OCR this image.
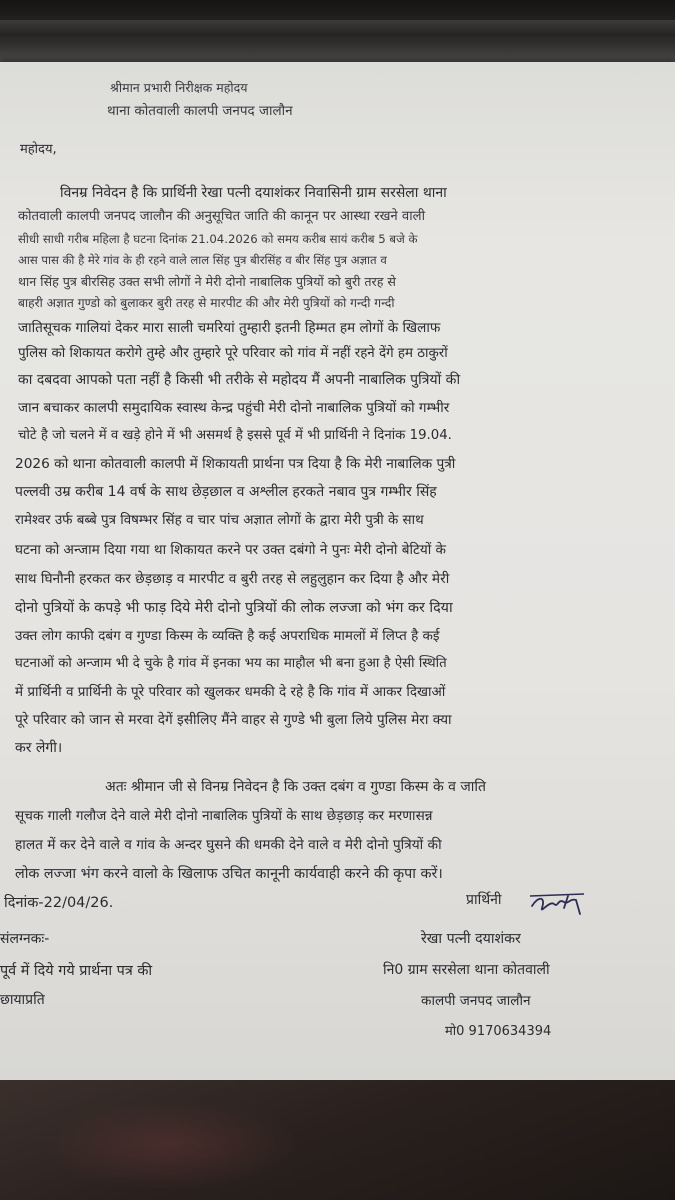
श्रीमान प्रभारी निरीक्षक महोदय
थाना कोतवाली कालपी जनपद जालौन
महोदय,
विनम्र निवेदन है कि प्रार्थिनी रेखा पत्नी दयाशंकर निवासिनी ग्राम सरसेला थाना
कोतवाली कालपी जनपद जालौन की अनुसूचित जाति की कानून पर आस्था रखने वाली
सीधी साधी गरीब महिला है घटना दिनांक 21.04.2026 को समय करीब सायं करीब 5 बजे के
आस पास की है मेरे गांव के ही रहने वाले लाल सिंह पुत्र बीरसिंह व बीर सिंह पुत्र अज्ञात व
थान सिंह पुत्र बीरसिह उक्त सभी लोगों ने मेरी दोनो नाबालिक पुत्रियों को बुरी तरह से
बाहरी अज्ञात गुण्डो को बुलाकर बुरी तरह से मारपीट की और मेरी पुत्रियों को गन्दी गन्दी
जातिसूचक गालियां देकर मारा साली चमरियां तुम्हारी इतनी हिम्मत हम लोगों के खिलाफ
पुलिस को शिकायत करोगे तुम्हे और तुम्हारे पूरे परिवार को गांव में नहीं रहने देंगे हम ठाकुरों
का दबदवा आपको पता नहीं है किसी भी तरीके से महोदय मैं अपनी नाबालिक पुत्रियों की
जान बचाकर कालपी समुदायिक स्वास्थ केन्द्र पहुंची मेरी दोनो नाबालिक पुत्रियों को गम्भीर
चोटे है जो चलने में व खड़े होने में भी असमर्थ है इससे पूर्व में भी प्रार्थिनी ने दिनांक 19.04.
2026 को थाना कोतवाली कालपी में शिकायती प्रार्थना पत्र दिया है कि मेरी नाबालिक पुत्री
पल्लवी उम्र करीब 14 वर्ष के साथ छेड़छाल व अश्लील हरकते नबाव पुत्र गम्भीर सिंह
रामेश्वर उर्फ बब्बे पुत्र विषम्भर सिंह व चार पांच अज्ञात लोगों के द्वारा मेरी पुत्री के साथ
घटना को अन्जाम दिया गया था शिकायत करने पर उक्त दबंगो ने पुनः मेरी दोनो बेटियों के
साथ घिनौनी हरकत कर छेड़छाड़ व मारपीट व बुरी तरह से लहुलुहान कर दिया है और मेरी
दोनो पुत्रियों के कपड़े भी फाड़ दिये मेरी दोनो पुत्रियों की लोक लज्जा को भंग कर दिया
उक्त लोग काफी दबंग व गुण्डा किस्म के व्यक्ति है कई अपराधिक मामलों में लिप्त है कई
घटनाओं को अन्जाम भी दे चुके है गांव में इनका भय का माहौल भी बना हुआ है ऐसी स्थिति
में प्रार्थिनी व प्रार्थिनी के पूरे परिवार को खुलकर धमकी दे रहे है कि गांव में आकर दिखाओं
पूरे परिवार को जान से मरवा देगें इसीलिए मैंने वाहर से गुण्डे भी बुला लिये पुलिस मेरा क्या
कर लेगी।
अतः श्रीमान जी से विनम्र निवेदन है कि उक्त दबंग व गुण्डा किस्म के व जाति
सूचक गाली गलौज देने वाले मेरी दोनो नाबालिक पुत्रियों के साथ छेड़छाड़ कर मरणासन्न
हालत में कर देने वाले व गांव के अन्दर घुसने की धमकी देने वाले व मेरी दोनो पुत्रियों की
लोक लज्जा भंग करने वालो के खिलाफ उचित कानूनी कार्यवाही करने की कृपा करें।
दिनांक-22/04/26.	प्रार्थिनी
संलग्नकः-
पूर्व में दिये गये प्रार्थना पत्र की
छायाप्रति
रेखा पत्नी दयाशंकर
नि0 ग्राम सरसेला थाना कोतवाली
कालपी जनपद जालौन
मो0 9170634394
